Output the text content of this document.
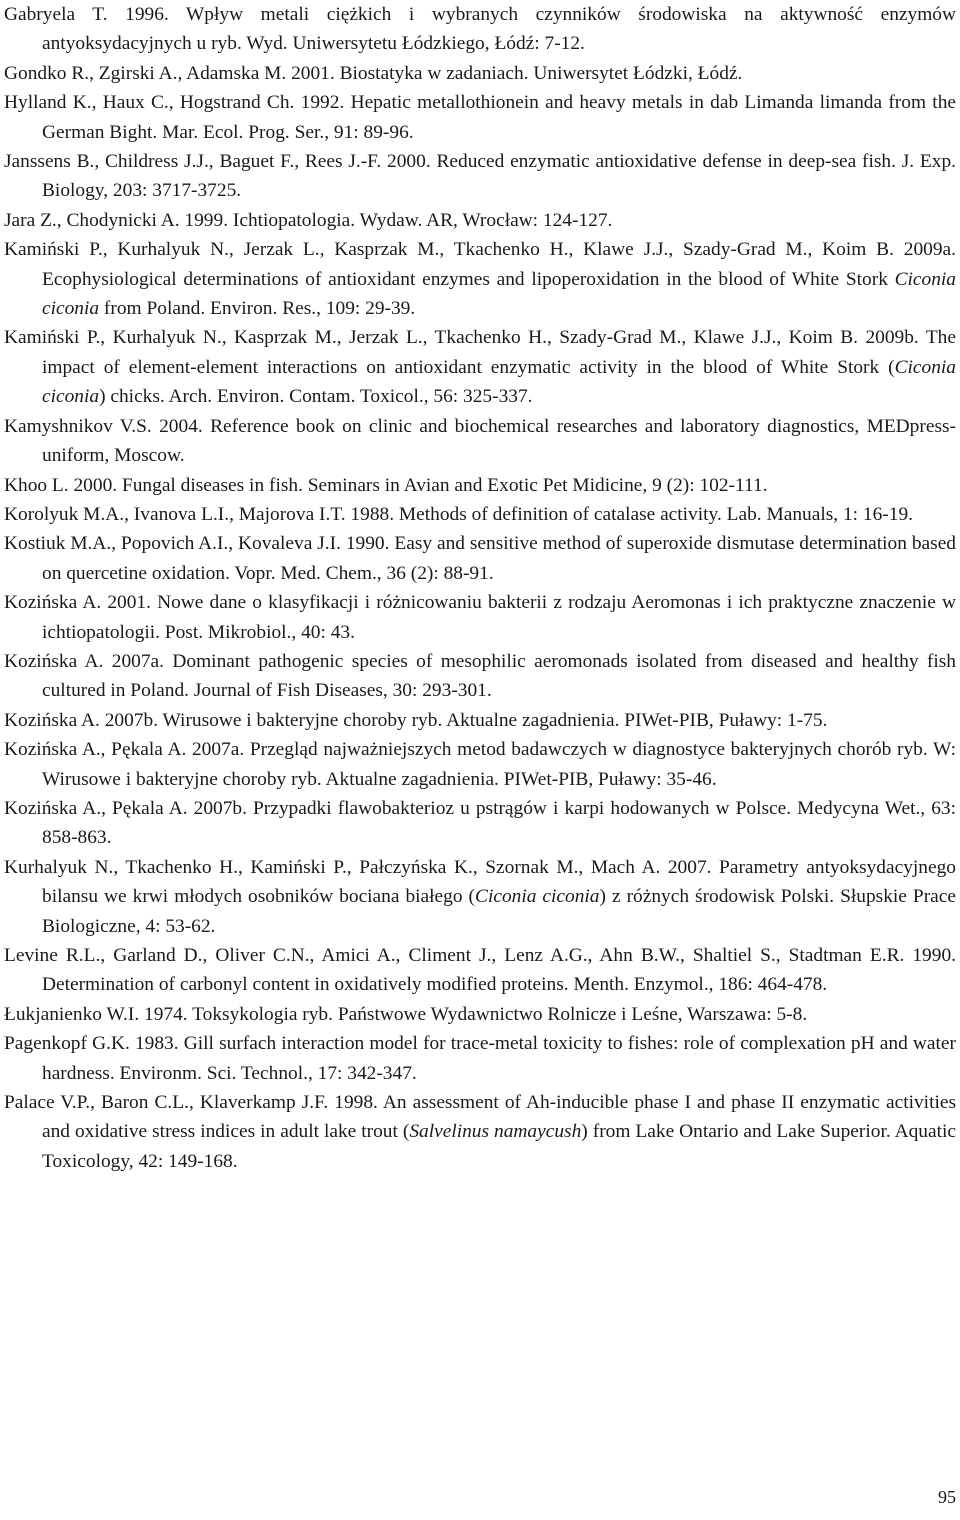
Gabryela T. 1996. Wpływ metali ciężkich i wybranych czynników środowiska na aktywność enzymów antyoksydacyjnych u ryb. Wyd. Uniwersytetu Łódzkiego, Łódź: 7-12.
Gondko R., Zgirski A., Adamska M. 2001. Biostatyka w zadaniach. Uniwersytet Łódzki, Łódź.
Hylland K., Haux C., Hogstrand Ch. 1992. Hepatic metallothionein and heavy metals in dab Limanda limanda from the German Bight. Mar. Ecol. Prog. Ser., 91: 89-96.
Janssens B., Childress J.J., Baguet F., Rees J.-F. 2000. Reduced enzymatic antioxidative defense in deep-sea fish. J. Exp. Biology, 203: 3717-3725.
Jara Z., Chodynicki A. 1999. Ichtiopatologia. Wydaw. AR, Wrocław: 124-127.
Kamiński P., Kurhalyuk N., Jerzak L., Kasprzak M., Tkachenko H., Klawe J.J., Szady-Grad M., Koim B. 2009a. Ecophysiological determinations of antioxidant enzymes and lipoperoxidation in the blood of White Stork Ciconia ciconia from Poland. Environ. Res., 109: 29-39.
Kamiński P., Kurhalyuk N., Kasprzak M., Jerzak L., Tkachenko H., Szady-Grad M., Klawe J.J., Koim B. 2009b. The impact of element-element interactions on antioxidant enzymatic activity in the blood of White Stork (Ciconia ciconia) chicks. Arch. Environ. Contam. Toxicol., 56: 325-337.
Kamyshnikov V.S. 2004. Reference book on clinic and biochemical researches and laboratory diagnostics, MEDpress-uniform, Moscow.
Khoo L. 2000. Fungal diseases in fish. Seminars in Avian and Exotic Pet Midicine, 9 (2): 102-111.
Korolyuk M.A., Ivanova L.I., Majorova I.T. 1988. Methods of definition of catalase activity. Lab. Manuals, 1: 16-19.
Kostiuk M.A., Popovich A.I., Kovaleva J.I. 1990. Easy and sensitive method of superoxide dismutase determination based on quercetine oxidation. Vopr. Med. Chem., 36 (2): 88-91.
Kozińska A. 2001. Nowe dane o klasyfikacji i różnicowaniu bakterii z rodzaju Aeromonas i ich praktyczne znaczenie w ichtiopatologii. Post. Mikrobiol., 40: 43.
Kozińska A. 2007a. Dominant pathogenic species of mesophilic aeromonads isolated from diseased and healthy fish cultured in Poland. Journal of Fish Diseases, 30: 293-301.
Kozińska A. 2007b. Wirusowe i bakteryjne choroby ryb. Aktualne zagadnienia. PIWet-PIB, Puławy: 1-75.
Kozińska A., Pękala A. 2007a. Przegląd najważniejszych metod badawczych w diagnostyce bakteryjnych chorób ryb. W: Wirusowe i bakteryjne choroby ryb. Aktualne zagadnienia. PIWet-PIB, Puławy: 35-46.
Kozińska A., Pękala A. 2007b. Przypadki flawobakterioz u pstrągów i karpi hodowanych w Polsce. Medycyna Wet., 63: 858-863.
Kurhalyuk N., Tkachenko H., Kamiński P., Pałczyńska K., Szornak M., Mach A. 2007. Parametry antyoksydacyjnego bilansu we krwi młodych osobników bociana białego (Ciconia ciconia) z różnych środowisk Polski. Słupskie Prace Biologiczne, 4: 53-62.
Levine R.L., Garland D., Oliver C.N., Amici A., Climent J., Lenz A.G., Ahn B.W., Shaltiel S., Stadtman E.R. 1990. Determination of carbonyl content in oxidatively modified proteins. Menth. Enzymol., 186: 464-478.
Łukjanienko W.I. 1974. Toksykologia ryb. Państwowe Wydawnictwo Rolnicze i Leśne, Warszawa: 5-8.
Pagenkopf G.K. 1983. Gill surfach interaction model for trace-metal toxicity to fishes: role of complexation pH and water hardness. Environm. Sci. Technol., 17: 342-347.
Palace V.P., Baron C.L., Klaverkamp J.F. 1998. An assessment of Ah-inducible phase I and phase II enzymatic activities and oxidative stress indices in adult lake trout (Salvelinus namaycush) from Lake Ontario and Lake Superior. Aquatic Toxicology, 42: 149-168.
95
